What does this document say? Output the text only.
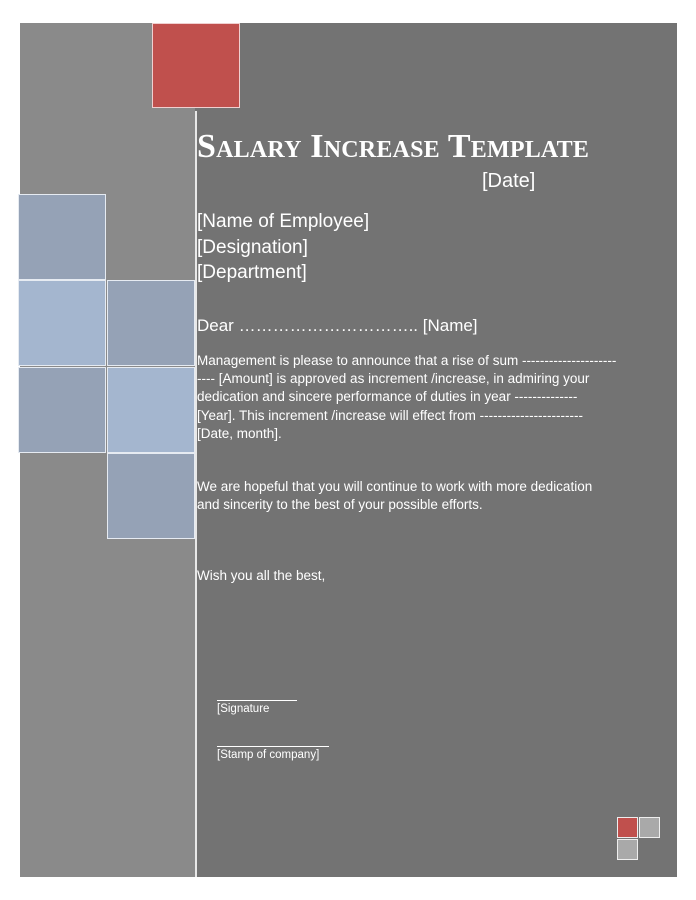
Salary Increase Template
[Date]
[Name of Employee]
[Designation]
[Department]
Dear ………………………….. [Name]
Management is please to announce that a rise of sum ------------------------- [Amount] is approved as increment /increase, in admiring your dedication and sincere performance of duties in year -------------- [Year]. This increment /increase will effect from ----------------------- [Date, month].
We are hopeful that you will continue to work with more dedication and sincerity to the best of your possible efforts.
Wish you all the best,
[Signature
[Stamp of company]
